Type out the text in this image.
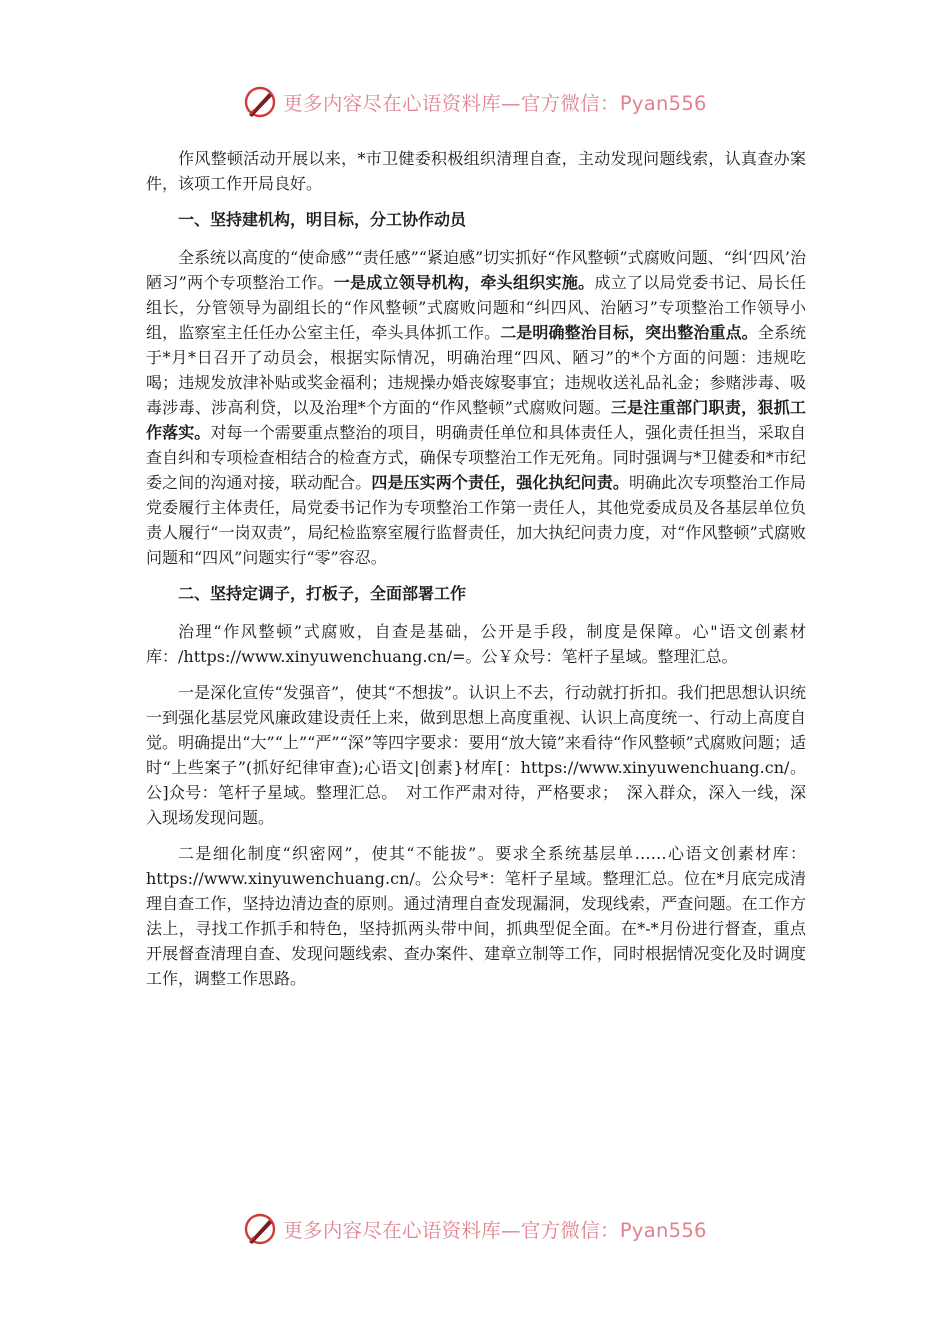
更多内容尽在心语资料库—官方微信：Pyan556

作风整顿活动开展以来，*市卫健委积极组织清理自查，主动发现问题线索，认真查办案件，该项工作开局良好。

一、坚持建机构，明目标，分工协作动员

全系统以高度的“使命感”“责任感”“紧迫感”切实抓好“作风整顿”式腐败问题、“纠‘四风’治陋习”两个专项整治工作。一是成立领导机构，牵头组织实施。成立了以局党委书记、局长任组长，分管领导为副组长的“作风整顿”式腐败问题和“纠四风、治陋习”专项整治工作领导小组，监察室主任任办公室主任，牵头具体抓工作。二是明确整治目标，突出整治重点。全系统于*月*日召开了动员会，根据实际情况，明确治理“四风、陋习”的*个方面的问题：违规吃喝；违规发放津补贴或奖金福利；违规操办婚丧嫁娶事宜；违规收送礼品礼金；参赌涉毒、吸毒涉毒、涉高利贷，以及治理*个方面的“作风整顿”式腐败问题。三是注重部门职责，狠抓工作落实。对每一个需要重点整治的项目，明确责任单位和具体责任人，强化责任担当，采取自查自纠和专项检查相结合的检查方式，确保专项整治工作无死角。同时强调与*卫健委和*市纪委之间的沟通对接，联动配合。四是压实两个责任，强化执纪问责。明确此次专项整治工作局党委履行主体责任，局党委书记作为专项整治工作第一责任人，其他党委成员及各基层单位负责人履行“一岗双责”，局纪检监察室履行监督责任，加大执纪问责力度，对“作风整顿”式腐败问题和“四风”问题实行“零”容忍。

二、坚持定调子，打板子，全面部署工作

治理“作风整顿”式腐败，自查是基础，公开是手段，制度是保障。心"语文创素材库：/https://www.xinyuwenchuang.cn/=。公￥众号：笔杆子星域。整理汇总。

一是深化宣传“发强音”，使其“不想拔”。认识上不去，行动就打折扣。我们把思想认识统一到强化基层党风廉政建设责任上来，做到思想上高度重视、认识上高度统一、行动上高度自觉。明确提出“大”“上”“严”“深”等四字要求：要用“放大镜”来看待“作风整顿”式腐败问题；适时“上些案子”(抓好纪律审查);心语文|创素}材库[：https://www.xinyuwenchuang.cn/。公]众号：笔杆子星域。整理汇总。　对工作严肃对待，严格要求；　深入群众，深入一线，深入现场发现问题。

二是细化制度“织密网”，使其“不能拔”。要求全系统基层单……心语文创素材库：https://www.xinyuwenchuang.cn/。公众号*：笔杆子星域。整理汇总。位在*月底完成清理自查工作，坚持边清边查的原则。通过清理自查发现漏洞，发现线索，严查问题。在工作方法上，寻找工作抓手和特色，坚持抓两头带中间，抓典型促全面。在*-*月份进行督查，重点开展督查清理自查、发现问题线索、查办案件、建章立制等工作，同时根据情况变化及时调度工作，调整工作思路。

更多内容尽在心语资料库—官方微信：Pyan556
